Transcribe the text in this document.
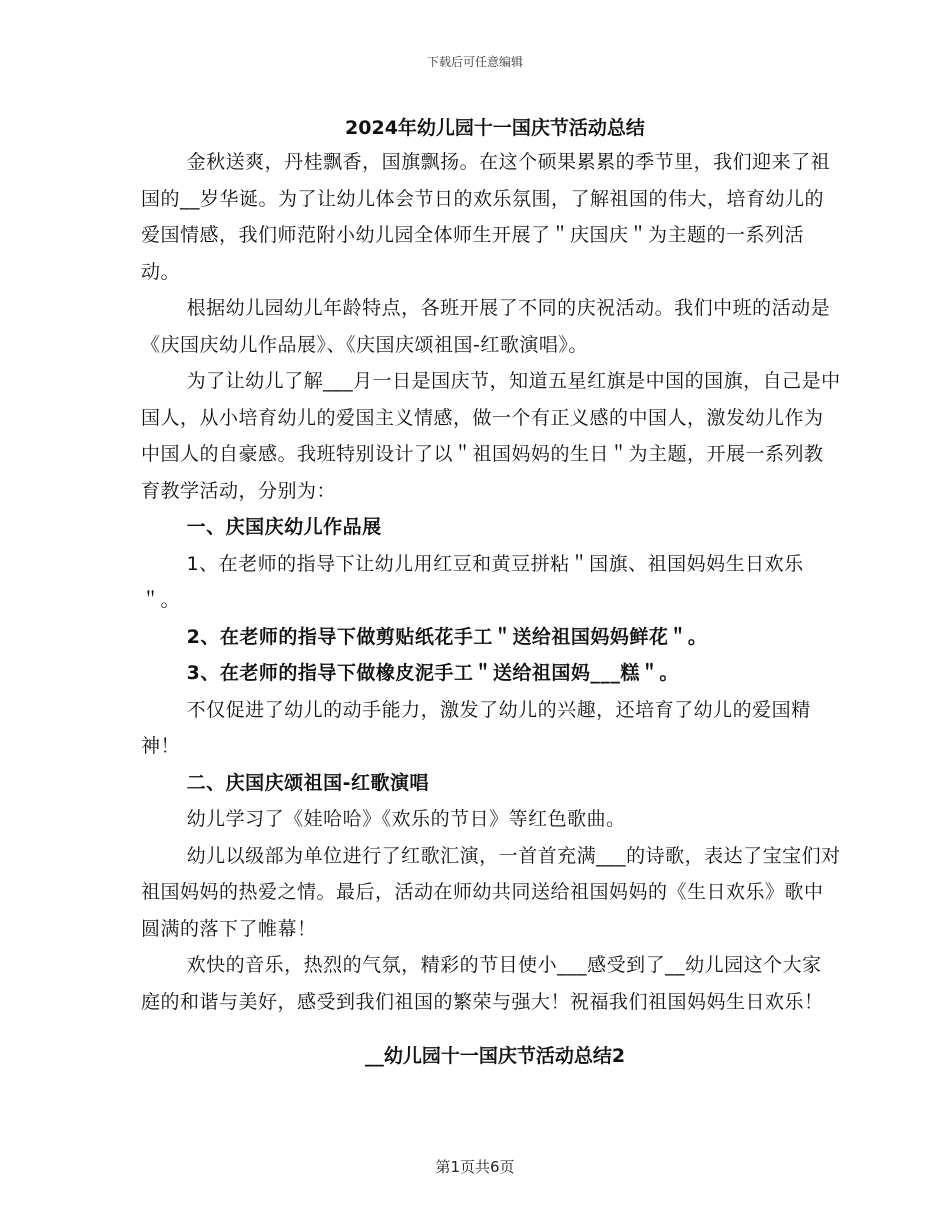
下载后可任意编辑
2024年幼儿园十一国庆节活动总结

金秋送爽，丹桂飘香，国旗飘扬。在这个硕果累累的季节里，我们迎来了祖国的__岁华诞。为了让幼儿体会节日的欢乐氛围，了解祖国的伟大，培育幼儿的爱国情感，我们师范附小幼儿园全体师生开展了＂庆国庆＂为主题的一系列活动。

根据幼儿园幼儿年龄特点，各班开展了不同的庆祝活动。我们中班的活动是《庆国庆幼儿作品展》、《庆国庆颂祖国-红歌演唱》。

为了让幼儿了解___月一日是国庆节，知道五星红旗是中国的国旗，自己是中国人，从小培育幼儿的爱国主义情感，做一个有正义感的中国人，激发幼儿作为中国人的自豪感。我班特别设计了以＂祖国妈妈的生日＂为主题，开展一系列教育教学活动，分别为：

一、庆国庆幼儿作品展

1、在老师的指导下让幼儿用红豆和黄豆拼粘＂国旗、祖国妈妈生日欢乐＂。

2、在老师的指导下做剪贴纸花手工＂送给祖国妈妈鲜花＂。

3、在老师的指导下做橡皮泥手工＂送给祖国妈___糕＂。

不仅促进了幼儿的动手能力，激发了幼儿的兴趣，还培育了幼儿的爱国精神！

二、庆国庆颂祖国-红歌演唱

幼儿学习了《娃哈哈》《欢乐的节日》等红色歌曲。

幼儿以级部为单位进行了红歌汇演，一首首充满___的诗歌，表达了宝宝们对祖国妈妈的热爱之情。最后，活动在师幼共同送给祖国妈妈的《生日欢乐》歌中圆满的落下了帷幕！

欢快的音乐，热烈的气氛，精彩的节目使小___感受到了__幼儿园这个大家庭的和谐与美好，感受到我们祖国的繁荣与强大！祝福我们祖国妈妈生日欢乐！

__幼儿园十一国庆节活动总结2
第1页共6页
